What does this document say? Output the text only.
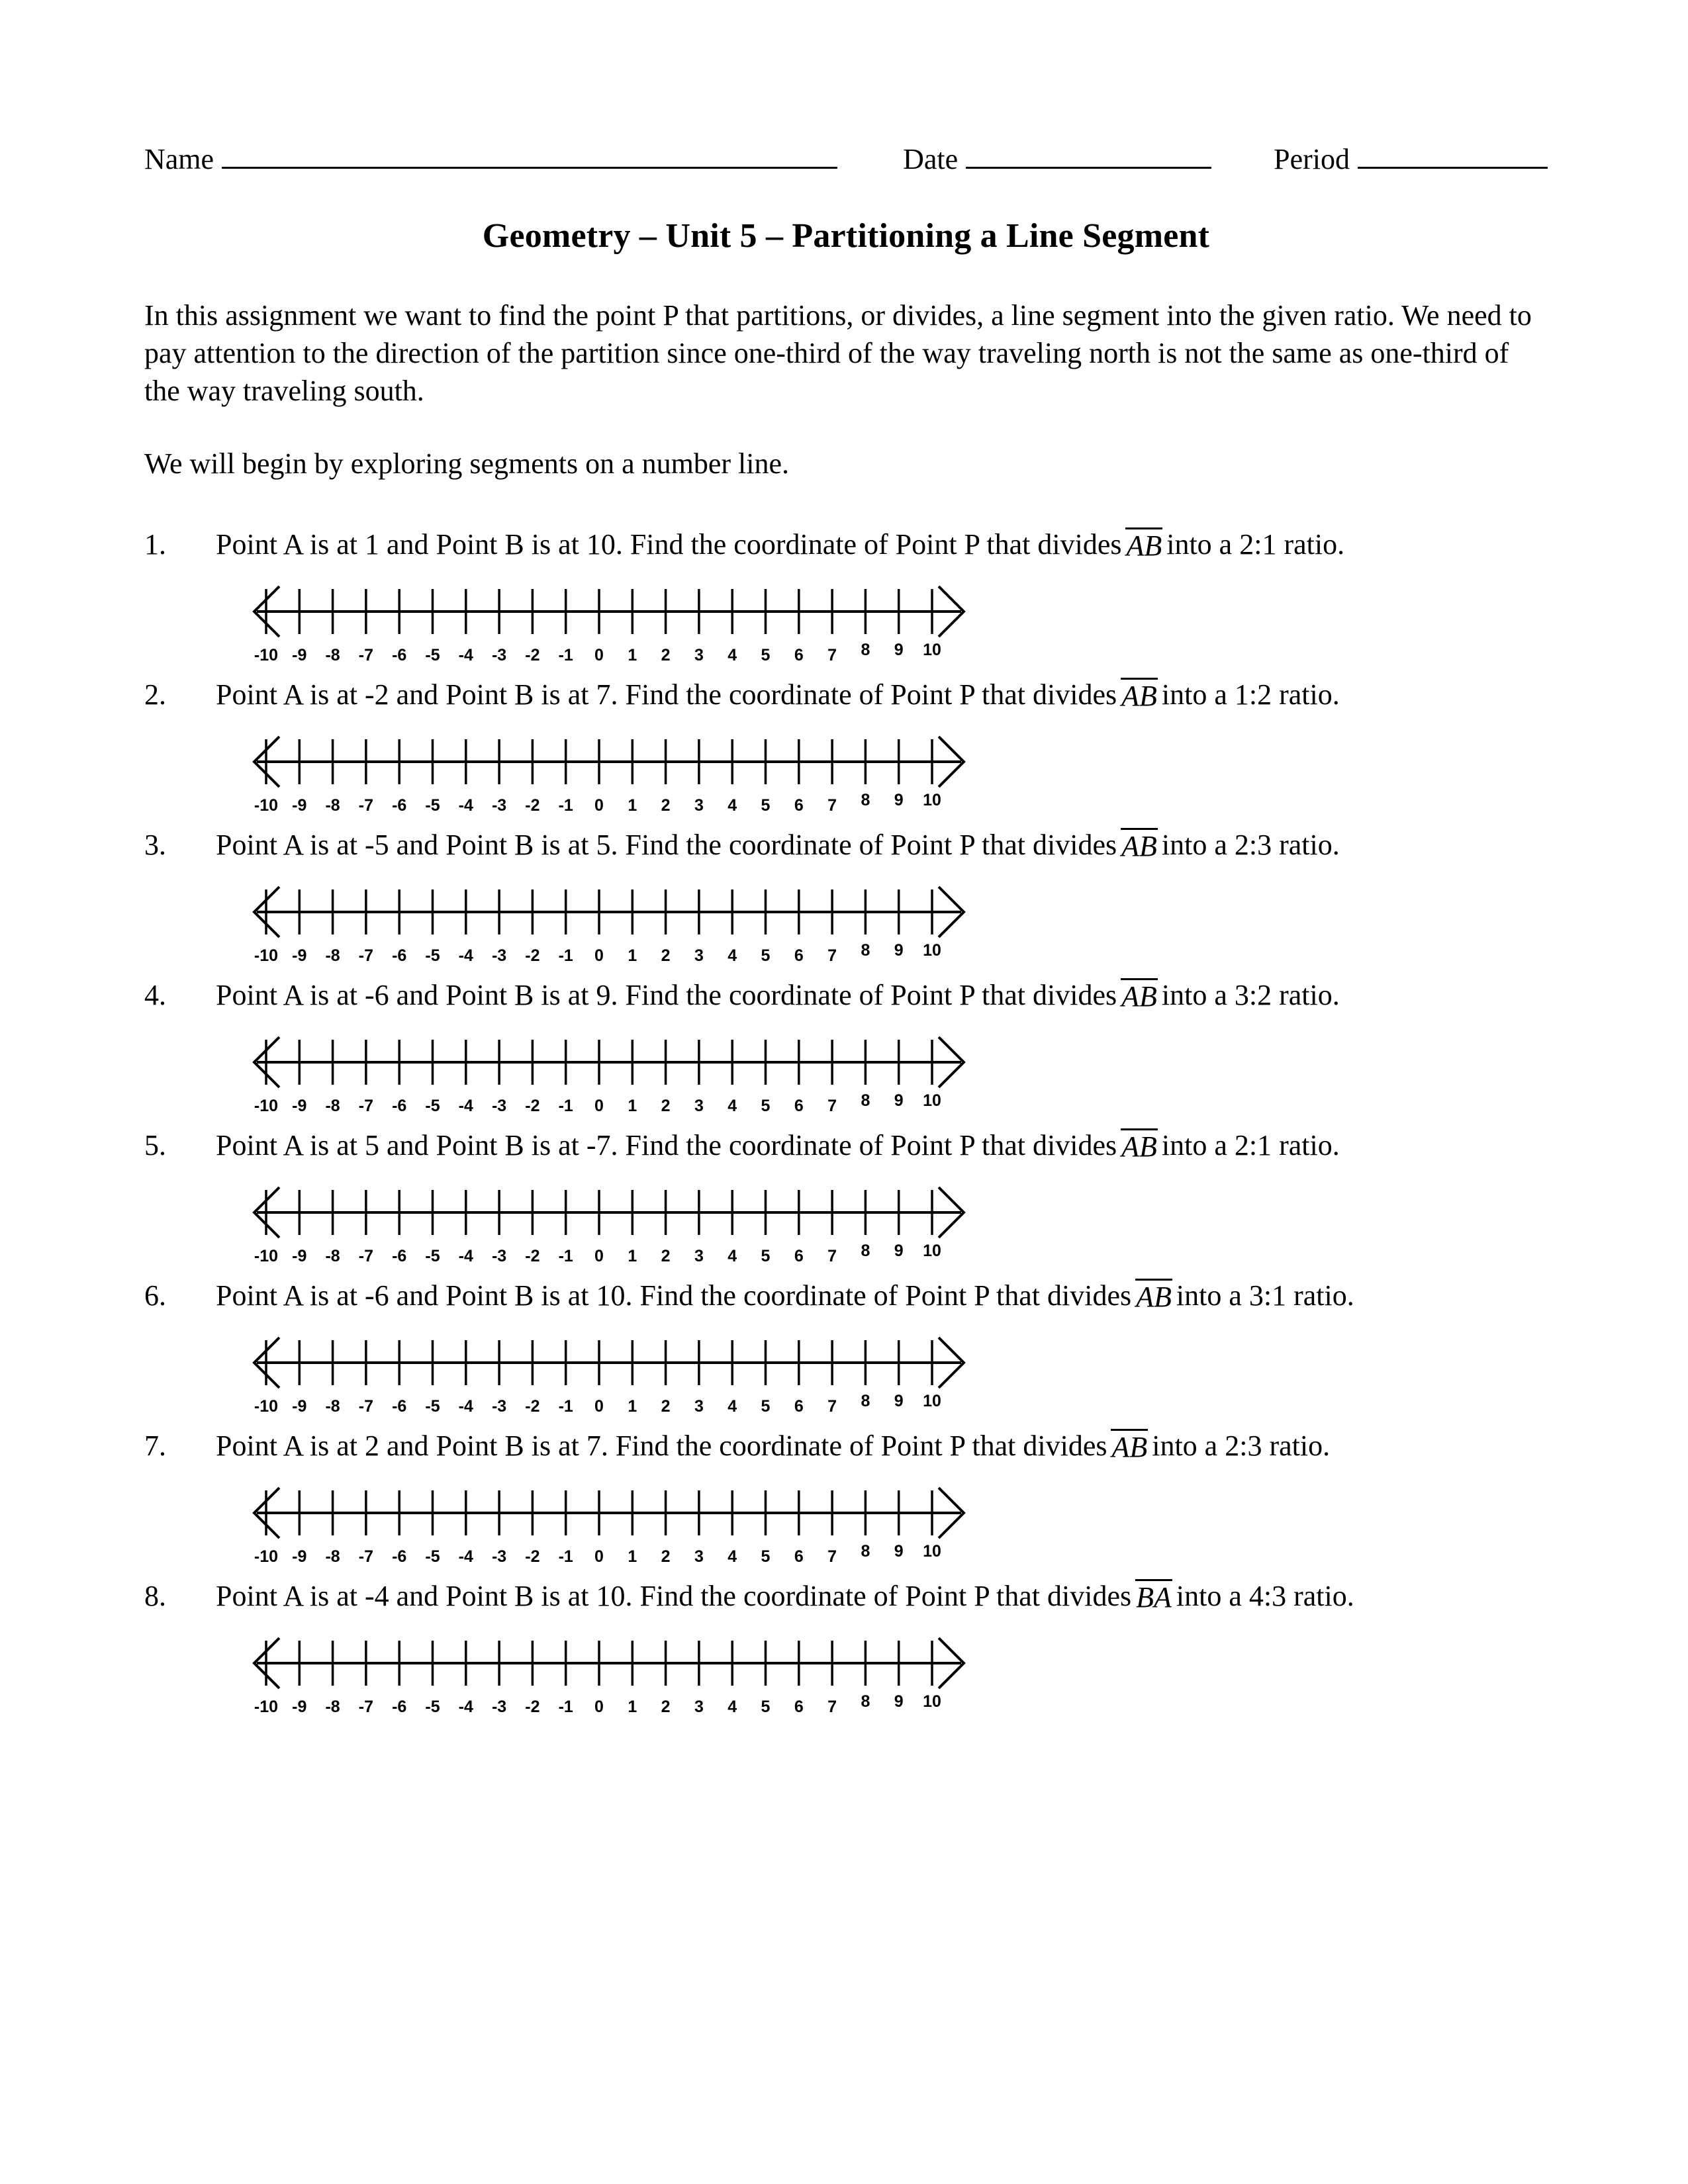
Name	Date	Period
Geometry – Unit 5 – Partitioning a Line Segment
In this assignment we want to find the point P that partitions, or divides, a line segment into the given ratio. We need to pay attention to the direction of the partition since one-third of the way traveling north is not the same as one-third of the way traveling south.
We will begin by exploring segments on a number line.
1.	Point A is at 1 and Point B is at 10. Find the coordinate of Point P that divides AB into a 2:1 ratio.
-10 -9 -8 -7 -6 -5 -4 -3 -2 -1 0 1 2 3 4 5 6 7 8 9 10
2.	Point A is at -2 and Point B is at 7. Find the coordinate of Point P that divides AB into a 1:2 ratio.
-10 -9 -8 -7 -6 -5 -4 -3 -2 -1 0 1 2 3 4 5 6 7 8 9 10
3.	Point A is at -5 and Point B is at 5. Find the coordinate of Point P that divides AB into a 2:3 ratio.
-10 -9 -8 -7 -6 -5 -4 -3 -2 -1 0 1 2 3 4 5 6 7 8 9 10
4.	Point A is at -6 and Point B is at 9. Find the coordinate of Point P that divides AB into a 3:2 ratio.
-10 -9 -8 -7 -6 -5 -4 -3 -2 -1 0 1 2 3 4 5 6 7 8 9 10
5.	Point A is at 5 and Point B is at -7. Find the coordinate of Point P that divides AB into a 2:1 ratio.
-10 -9 -8 -7 -6 -5 -4 -3 -2 -1 0 1 2 3 4 5 6 7 8 9 10
6.	Point A is at -6 and Point B is at 10. Find the coordinate of Point P that divides AB into a 3:1 ratio.
-10 -9 -8 -7 -6 -5 -4 -3 -2 -1 0 1 2 3 4 5 6 7 8 9 10
7.	Point A is at 2 and Point B is at 7. Find the coordinate of Point P that divides AB into a 2:3 ratio.
-10 -9 -8 -7 -6 -5 -4 -3 -2 -1 0 1 2 3 4 5 6 7 8 9 10
8.	Point A is at -4 and Point B is at 10. Find the coordinate of Point P that divides BA into a 4:3 ratio.
-10 -9 -8 -7 -6 -5 -4 -3 -2 -1 0 1 2 3 4 5 6 7 8 9 10
